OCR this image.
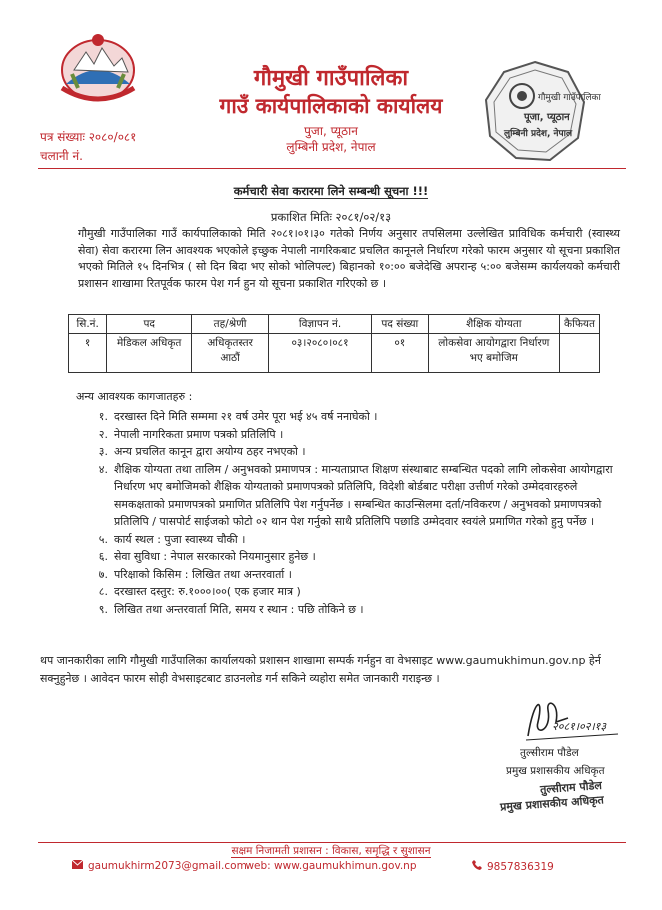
गौमुखी गाउँपालिका
गाउँ कार्यपालिकाको कार्यालय
पुजा, प्यूठान
लुम्बिनी प्रदेश, नेपाल
पत्र संख्याः २०८०/०८१
चलानी नं.
गौमुखी गाउँपालिका
पूजा, प्यूठान
लुम्बिनी प्रदेश, नेपाल
कर्मचारी सेवा करारमा लिने सम्बन्धी सूचना !!!
प्रकाशित मितिः २०८१/०२/१३
गौमुखी गाउँपालिका गाउँ कार्यपालिकाको मिति २०८१।०१।३० गतेको निर्णय अनुसार तपसिलमा उल्लेखित प्राविधिक कर्मचारी (स्वास्थ्य सेवा) सेवा करारमा लिन आवश्यक भएकोले इच्छुक नेपाली नागरिकबाट प्रचलित कानूनले निर्धारण गरेको फारम अनुसार यो सूचना प्रकाशित भएको मितिले १५ दिनभित्र ( सो दिन बिदा भए सोको भोलिपल्ट) बिहानको १०:०० बजेदेखि अपरान्ह ५:०० बजेसम्म कार्यलयको कर्मचारी प्रशासन शाखामा रितपूर्वक फारम पेश गर्न हुन यो सूचना प्रकाशित गरिएको छ ।
सि.नं.	पद	तह/श्रेणी	विज्ञापन नं.	पद संख्या	शैक्षिक योग्यता	कैफियत
१	मेडिकल अधिकृत	अधिकृतस्तर आठौं	०३।२०८०।०८१	०१	लोकसेवा आयोगद्वारा निर्धारण भए बमोजिम	
अन्य आवश्यक कागजातहरु :
१. दरखास्त दिने मिति सम्ममा २१ वर्ष उमेर पूरा भई ४५ वर्ष ननाघेको ।
२. नेपाली नागरिकता प्रमाण पत्रको प्रतिलिपि ।
३. अन्य प्रचलित कानून द्वारा अयोग्य ठहर नभएको ।
४. शैक्षिक योग्यता तथा तालिम / अनुभवको प्रमाणपत्र : मान्यताप्राप्त शिक्षण संस्थाबाट सम्बन्धित पदको लागि लोकसेवा आयोगद्वारा निर्धारण भए बमोजिमको शैक्षिक योग्यताको प्रमाणपत्रको प्रतिलिपि, विदेशी बोर्डबाट परीक्षा उत्तीर्ण गरेको उम्मेदवारहरुले समकक्षताको प्रमाणपत्रको प्रमाणित प्रतिलिपि पेश गर्नुपर्नेछ । सम्बन्धित काउन्सिलमा दर्ता/नविकरण / अनुभवको प्रमाणपत्रको प्रतिलिपि / पासपोर्ट साईजको फोटो ०२ थान पेश गर्नुको साथै प्रतिलिपि पछाडि उम्मेदवार स्वयंले प्रमाणित गरेको हुनु पर्नेछ ।
५. कार्य स्थल : पुजा स्वास्थ्य चौकी ।
६. सेवा सुविधा : नेपाल सरकारको नियमानुसार हुनेछ ।
७. परिक्षाको किसिम : लिखित तथा अन्तरवार्ता ।
८. दरखास्त दस्तुर: रु.१०००।००( एक हजार मात्र )
९. लिखित तथा अन्तरवार्ता मिति, समय र स्थान : पछि तोकिने छ ।
थप जानकारीका लागि गौमुखी गाउँपालिका कार्यालयको प्रशासन शाखामा सम्पर्क गर्नहुन वा वेभसाइट www.gaumukhimun.gov.np हेर्न सक्नुहुनेछ । आवेदन फारम सोही वेभसाइटबाट डाउनलोड गर्न सकिने व्यहोरा समेत जानकारी गराइन्छ ।
२०८१।०२।१३
तुल्सीराम पौडेल
प्रमुख प्रशासकीय अधिकृत
तुल्सीराम पौडेल
प्रमुख प्रशासकीय अधिकृत
सक्षम निजामती प्रशासन : विकास, समृद्धि र सुशासन
gaumukhirm2073@gmail.com
web: www.gaumukhimun.gov.np	9857836319
